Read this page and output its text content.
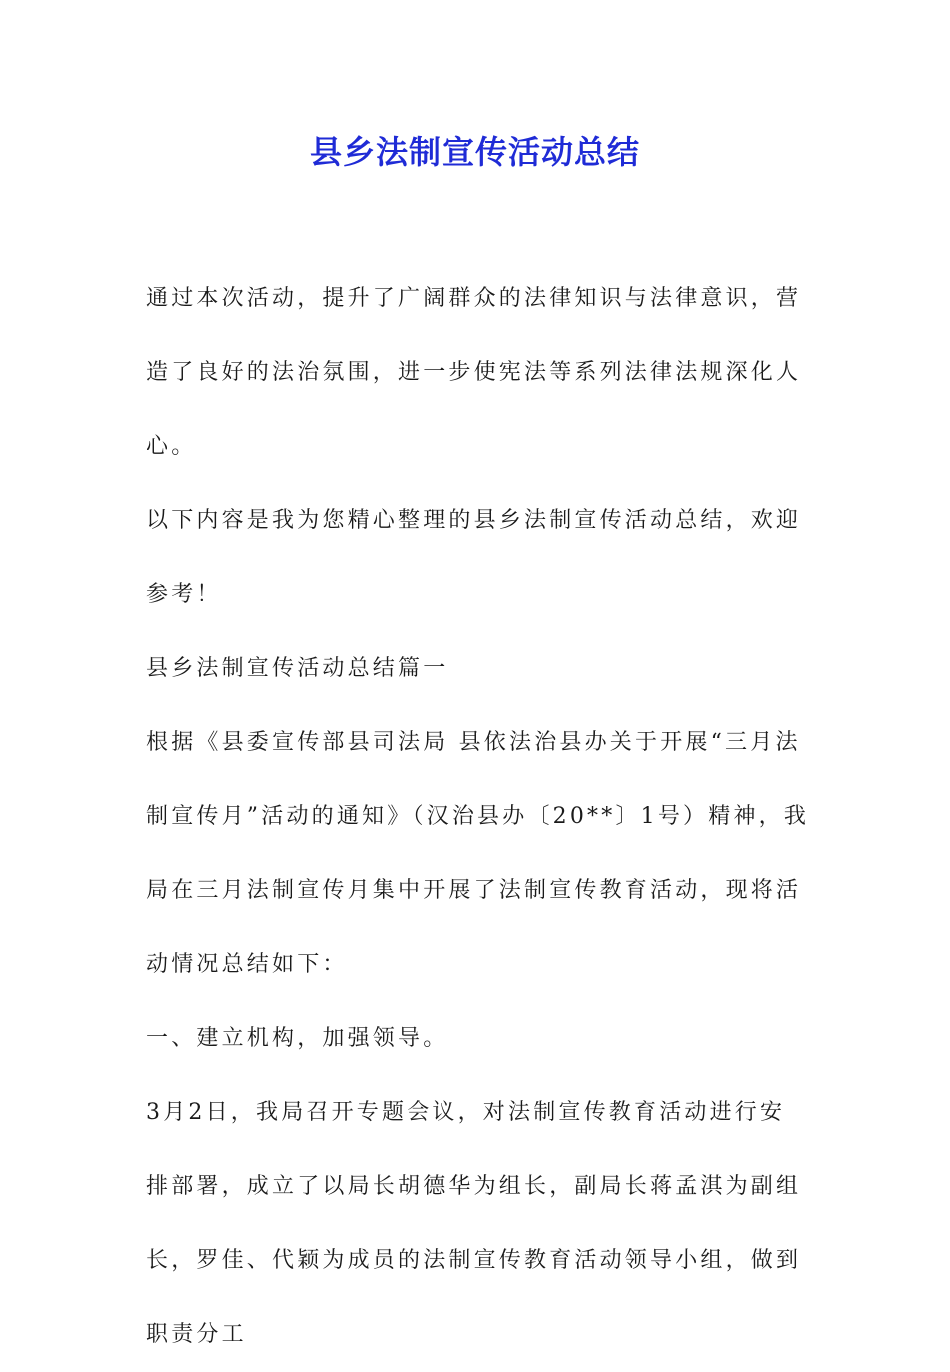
县乡法制宣传活动总结

通过本次活动，提升了广阔群众的法律知识与法律意识，营造了良好的法治氛围，进一步使宪法等系列法律法规深化人心。

以下内容是我为您精心整理的县乡法制宣传活动总结，欢迎参考！

县乡法制宣传活动总结篇一

根据《县委宣传部县司法局 县依法治县办关于开展“三月法制宣传月”活动的通知》（汉治县办〔20**〕1号）精神，我局在三月法制宣传月集中开展了法制宣传教育活动，现将活动情况总结如下：

一、建立机构，加强领导。

3月2日，我局召开专题会议，对法制宣传教育活动进行安排部署，成立了以局长胡德华为组长，副局长蒋孟淇为副组长，罗佳、代颖为成员的法制宣传教育活动领导小组，做到职责分工
